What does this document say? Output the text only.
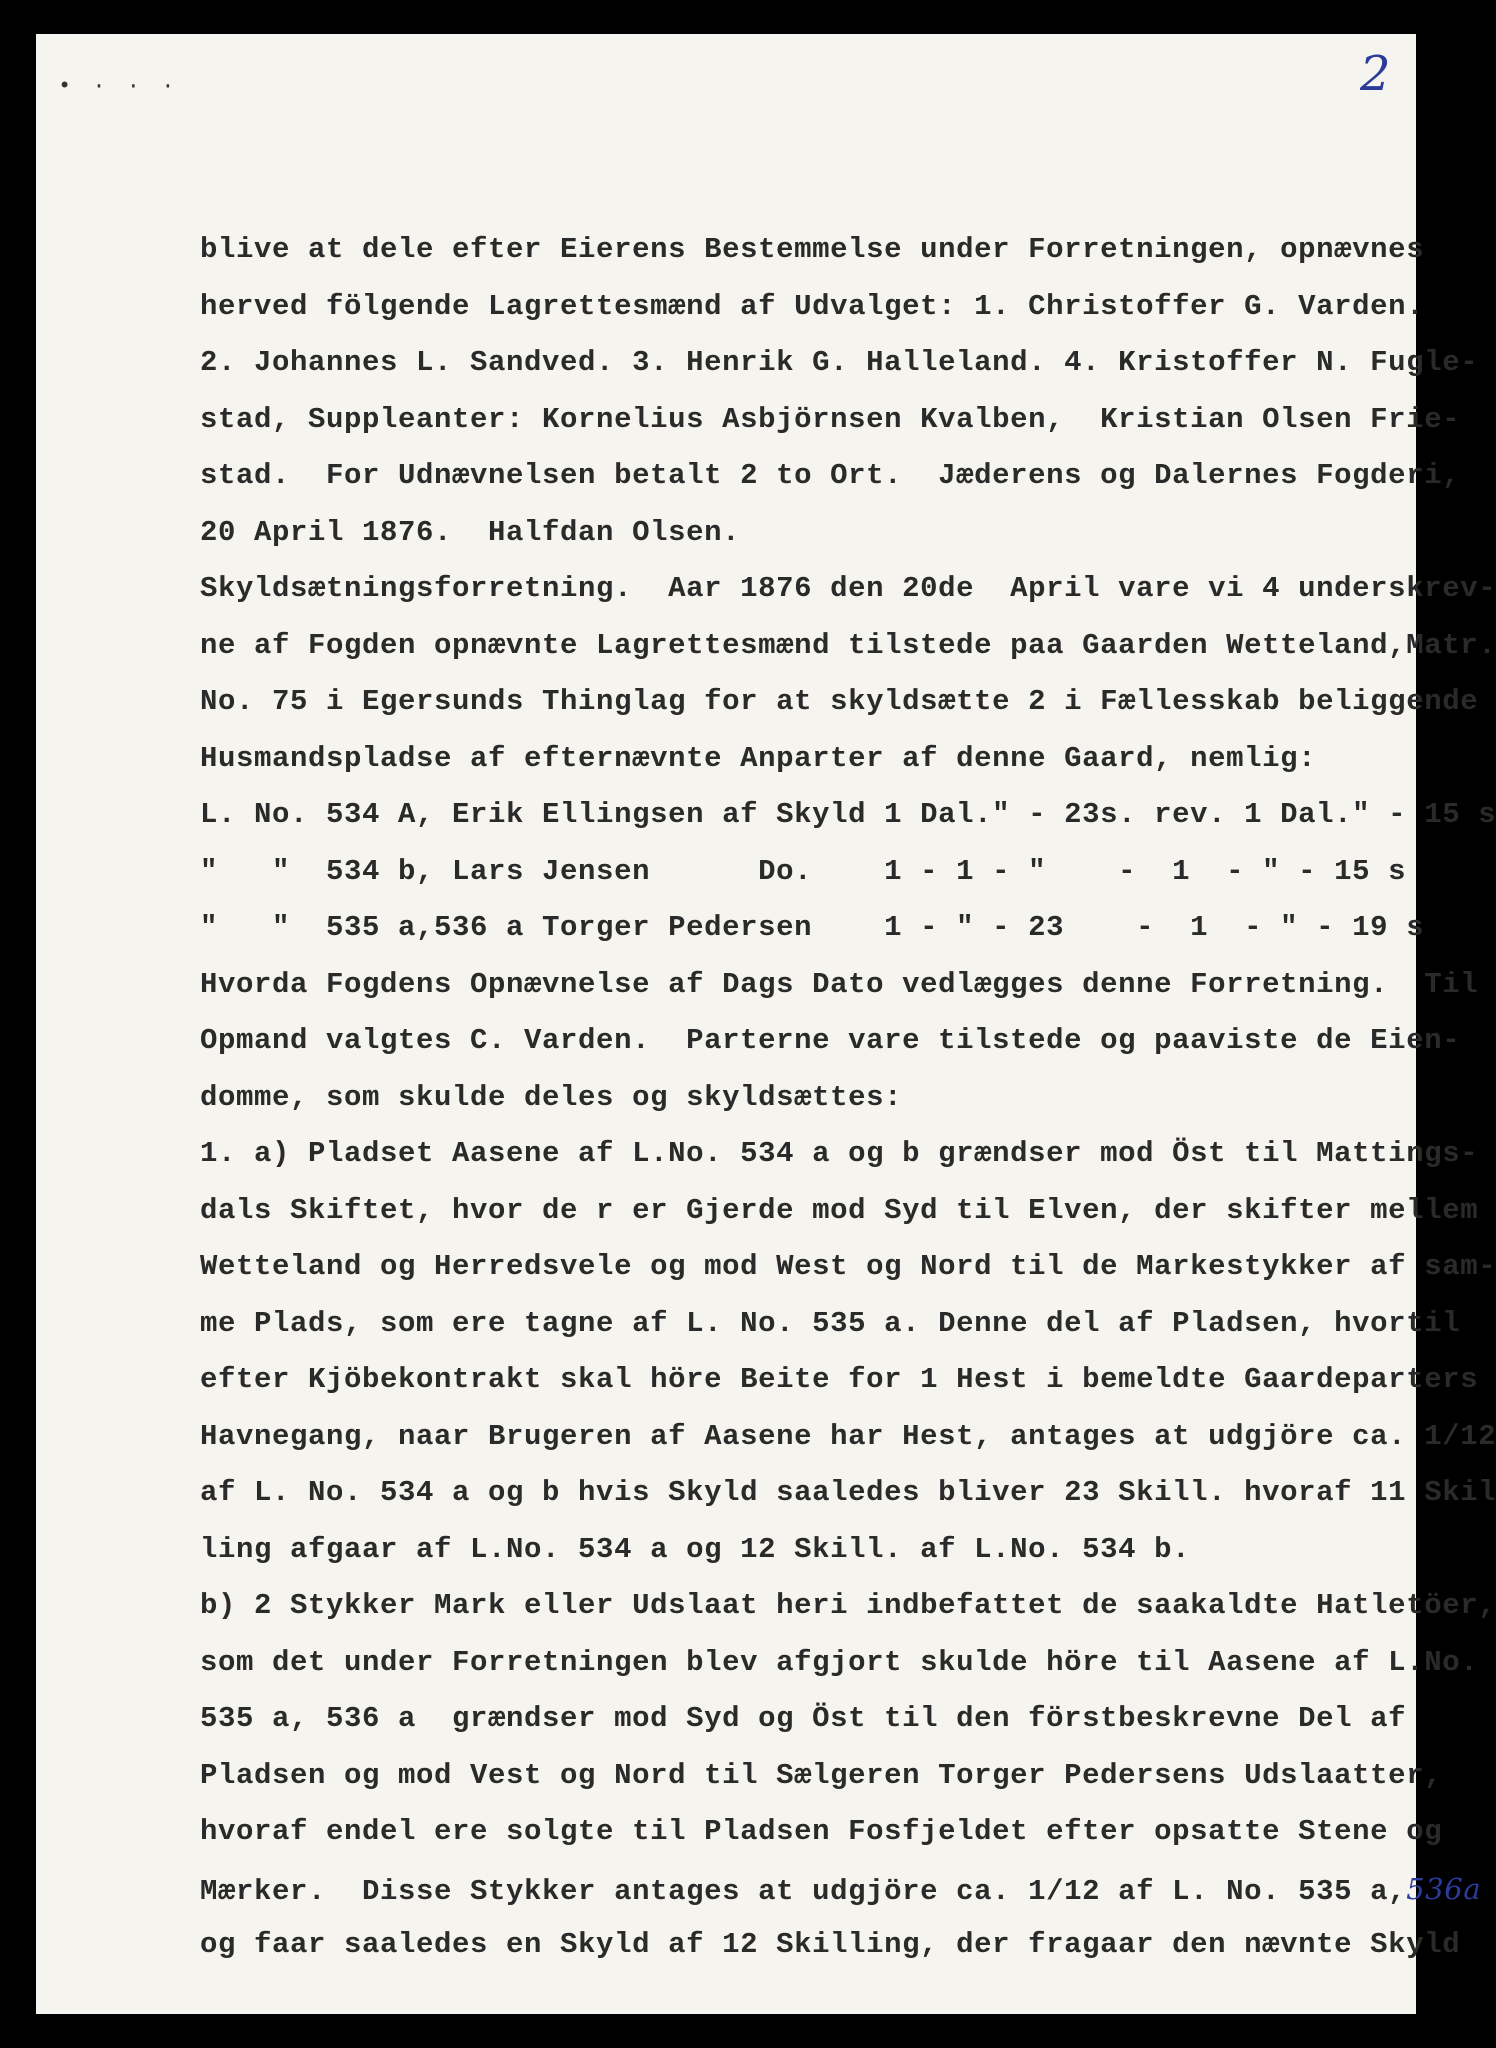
• · · ·	2
blive at dele efter Eierens Bestemmelse under Forretningen, opnævnes
herved fölgende Lagrettesmænd af Udvalget: 1. Christoffer G. Varden.
2. Johannes L. Sandved. 3. Henrik G. Halleland. 4. Kristoffer N. Fugle-
stad, Suppleanter: Kornelius Asbjörnsen Kvalben,  Kristian Olsen Frie-
stad.  For Udnævnelsen betalt 2 to Ort.  Jæderens og Dalernes Fogderi,
20 April 1876.  Halfdan Olsen.
Skyldsætningsforretning.  Aar 1876 den 20de  April vare vi 4 underskrev-
ne af Fogden opnævnte Lagrettesmænd tilstede paa Gaarden Wetteland,Matr.
No. 75 i Egersunds Thinglag for at skyldsætte 2 i Fællesskab beliggende
Husmandspladse af efternævnte Anparter af denne Gaard, nemlig:
L. No. 534 A, Erik Ellingsen af Skyld 1 Dal." - 23s. rev. 1 Dal." - 15 s
"   "  534 b, Lars Jensen      Do.    1 - 1 - "    -  1  - " - 15 s
"   "  535 a,536 a Torger Pedersen    1 - " - 23    -  1  - " - 19 s
Hvorda Fogdens Opnævnelse af Dags Dato vedlægges denne Forretning.  Til
Opmand valgtes C. Varden.  Parterne vare tilstede og paaviste de Eien-
domme, som skulde deles og skyldsættes:
1. a) Pladset Aasene af L.No. 534 a og b grændser mod Öst til Mattings-
dals Skiftet, hvor de r er Gjerde mod Syd til Elven, der skifter mellem
Wetteland og Herredsvele og mod West og Nord til de Markestykker af sam-
me Plads, som ere tagne af L. No. 535 a. Denne del af Pladsen, hvortil
efter Kjöbekontrakt skal höre Beite for 1 Hest i bemeldte Gaardeparters
Havnegang, naar Brugeren af Aasene har Hest, antages at udgjöre ca. 1/12
af L. No. 534 a og b hvis Skyld saaledes bliver 23 Skill. hvoraf 11 Skil
ling afgaar af L.No. 534 a og 12 Skill. af L.No. 534 b.
b) 2 Stykker Mark eller Udslaat heri indbefattet de saakaldte Hatletöer,
som det under Forretningen blev afgjort skulde höre til Aasene af L.No.
535 a, 536 a  grændser mod Syd og Öst til den förstbeskrevne Del af
Pladsen og mod Vest og Nord til Sælgeren Torger Pedersens Udslaatter,
hvoraf endel ere solgte til Pladsen Fosfjeldet efter opsatte Stene og
Mærker.  Disse Stykker antages at udgjöre ca. 1/12 af L. No. 535 a,536a
og faar saaledes en Skyld af 12 Skilling, der fragaar den nævnte Skyld
